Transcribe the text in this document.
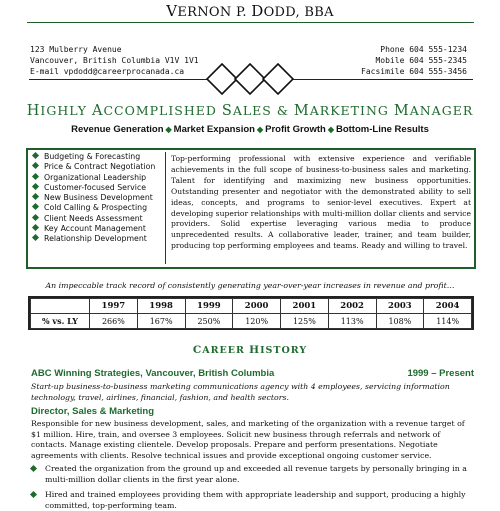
VERNON P. DODD, BBA
123 Mulberry Avenue
Vancouver, British Columbia V1V 1V1
E-mail vpdodd@careerprocanada.ca
Phone 604 555-1234
Mobile 604 555-2345
Facsimile 604 555-3456
HIGHLY ACCOMPLISHED SALES & MARKETING MANAGER
Revenue Generation ◆ Market Expansion ◆ Profit Growth ◆ Bottom-Line Results
Budgeting & Forecasting
Price & Contract Negotiation
Organizational Leadership
Customer-focused Service
New Business Development
Cold Calling & Prospecting
Client Needs Assessment
Key Account Management
Relationship Development
Top-performing professional with extensive experience and verifiable achievements in the full scope of business-to-business sales and marketing. Talent for identifying and maximizing new business opportunities. Outstanding presenter and negotiator with the demonstrated ability to sell ideas, concepts, and programs to senior-level executives. Expert at developing superior relationships with multi-million dollar clients and service providers. Solid expertise leveraging various media to produce unprecedented results. A collaborative leader, trainer, and team builder, producing top performing employees and teams. Ready and willing to travel.
An impeccable track record of consistently generating year-over-year increases in revenue and profit…
	1997	1998	1999	2000	2001	2002	2003	2004
% vs. LY	266%	167%	250%	120%	125%	113%	108%	114%
CAREER HISTORY
ABC Winning Strategies, Vancouver, British Columbia	1999 – Present
Start-up business-to-business marketing communications agency with 4 employees, servicing information technology, travel, airlines, financial, fashion, and health sectors.
Director, Sales & Marketing
Responsible for new business development, sales, and marketing of the organization with a revenue target of $1 million. Hire, train, and oversee 3 employees. Solicit new business through referrals and network of contacts. Manage existing clientele. Develop proposals. Prepare and perform presentations. Negotiate agreements with clients. Resolve technical issues and provide exceptional ongoing customer service.
Created the organization from the ground up and exceeded all revenue targets by personally bringing in a multi-million dollar clients in the first year alone.
Hired and trained employees providing them with appropriate leadership and support, producing a highly committed, top-performing team.
